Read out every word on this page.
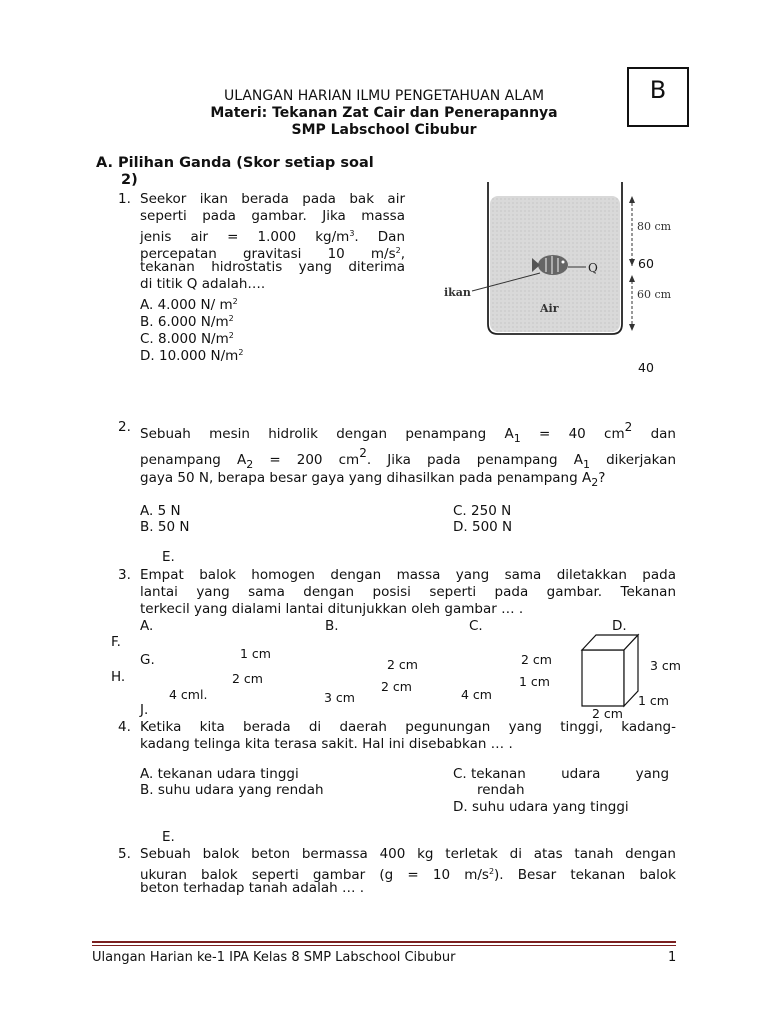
B
ULANGAN HARIAN ILMU PENGETAHUAN ALAM
Materi: Tekanan Zat Cair dan Penerapannya
SMP Labschool Cibubur
A. Pilihan Ganda (Skor setiap soal
2)
1. Seekor ikan berada pada bak air
seperti pada gambar. Jika massa
jenis air = 1.000 $kg/m^3$. Dan
percepatan gravitasi 10 $m/s^2$,
tekanan hidrostatis yang diterima
di titik Q adalah….
A. 4.000 N/ $m^2$
B. 6.000 $N/m^2$
C. 8.000 $N/m^2$
D. 10.000 $N/m^2$
Q
ikan
Air
80 cm
60 cm
60
40
2. Sebuah mesin hidrolik dengan penampang $A_1 = 40$ $cm^2$ dan
penampang $A_2 = 200$ $cm^2$. Jika pada penampang $A_1$ dikerjakan
gaya 50 N, berapa besar gaya yang dihasilkan pada penampang $A_2$?
A. 5 N	C. 250 N
B. 50 N	D. 500 N
E.
3. Empat balok homogen dengan massa yang sama diletakkan pada
lantai yang sama dengan posisi seperti pada gambar. Tekanan
terkecil yang dialami lantai ditunjukkan oleh gambar … .
A.	B.	C.	D.
F.
G.
H.
J.
1 cm
2 cm
4 cml.
2 cm
2 cm
3 cm
2 cm
1 cm
4 cm
3 cm
1 cm
2 cm
4. Ketika kita berada di daerah pegunungan yang tinggi, kadang-
kadang telinga kita terasa sakit. Hal ini disebabkan … .
A. tekanan udara tinggi	C. tekanan udara yang
B. suhu udara yang rendah	rendah
D. suhu udara yang tinggi
E.
5. Sebuah balok beton bermassa 400 kg terletak di atas tanah dengan
ukuran balok seperti gambar (g = 10 $m/s^2$). Besar tekanan balok
beton terhadap tanah adalah … .
Ulangan Harian ke-1 IPA Kelas 8 SMP Labschool Cibubur	1
